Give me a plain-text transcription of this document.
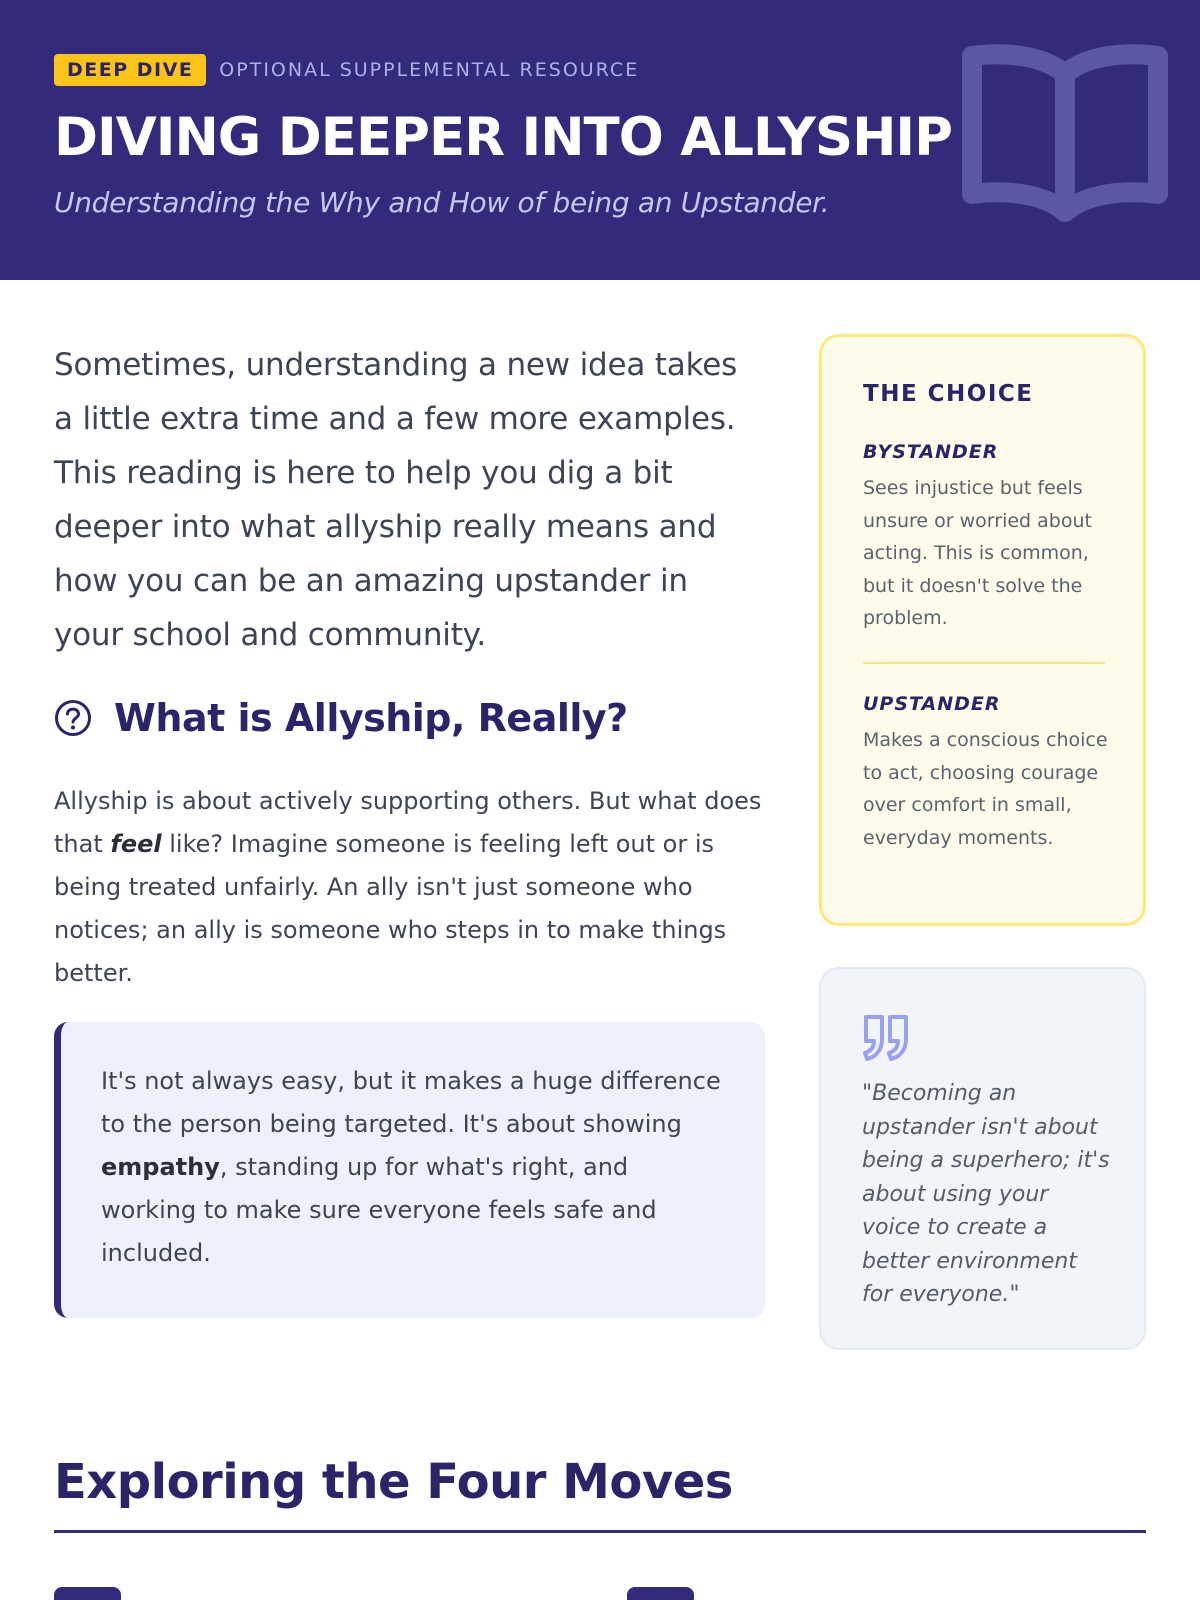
DEEP DIVE	OPTIONAL SUPPLEMENTAL RESOURCE
DIVING DEEPER INTO ALLYSHIP

Understanding the Why and How of being an Upstander.

Sometimes, understanding a new idea takes a little extra time and a few more examples. This reading is here to help you dig a bit deeper into what allyship really means and how you can be an amazing upstander in your school and community.

What is Allyship, Really?

Allyship is about actively supporting others. But what does that feel like? Imagine someone is feeling left out or is being treated unfairly. An ally isn't just someone who notices; an ally is someone who steps in to make things better.

It's not always easy, but it makes a huge difference to the person being targeted. It's about showing empathy, standing up for what's right, and working to make sure everyone feels safe and included.
THE CHOICE
BYSTANDER

Sees injustice but feels unsure or worried about acting. This is common, but it doesn't solve the problem.

UPSTANDER

Makes a conscious choice to act, choosing courage over comfort in small, everyday moments.

"Becoming an upstander isn't about being a superhero; it's about using your voice to create a better environment for everyone."

Exploring the Four Moves
